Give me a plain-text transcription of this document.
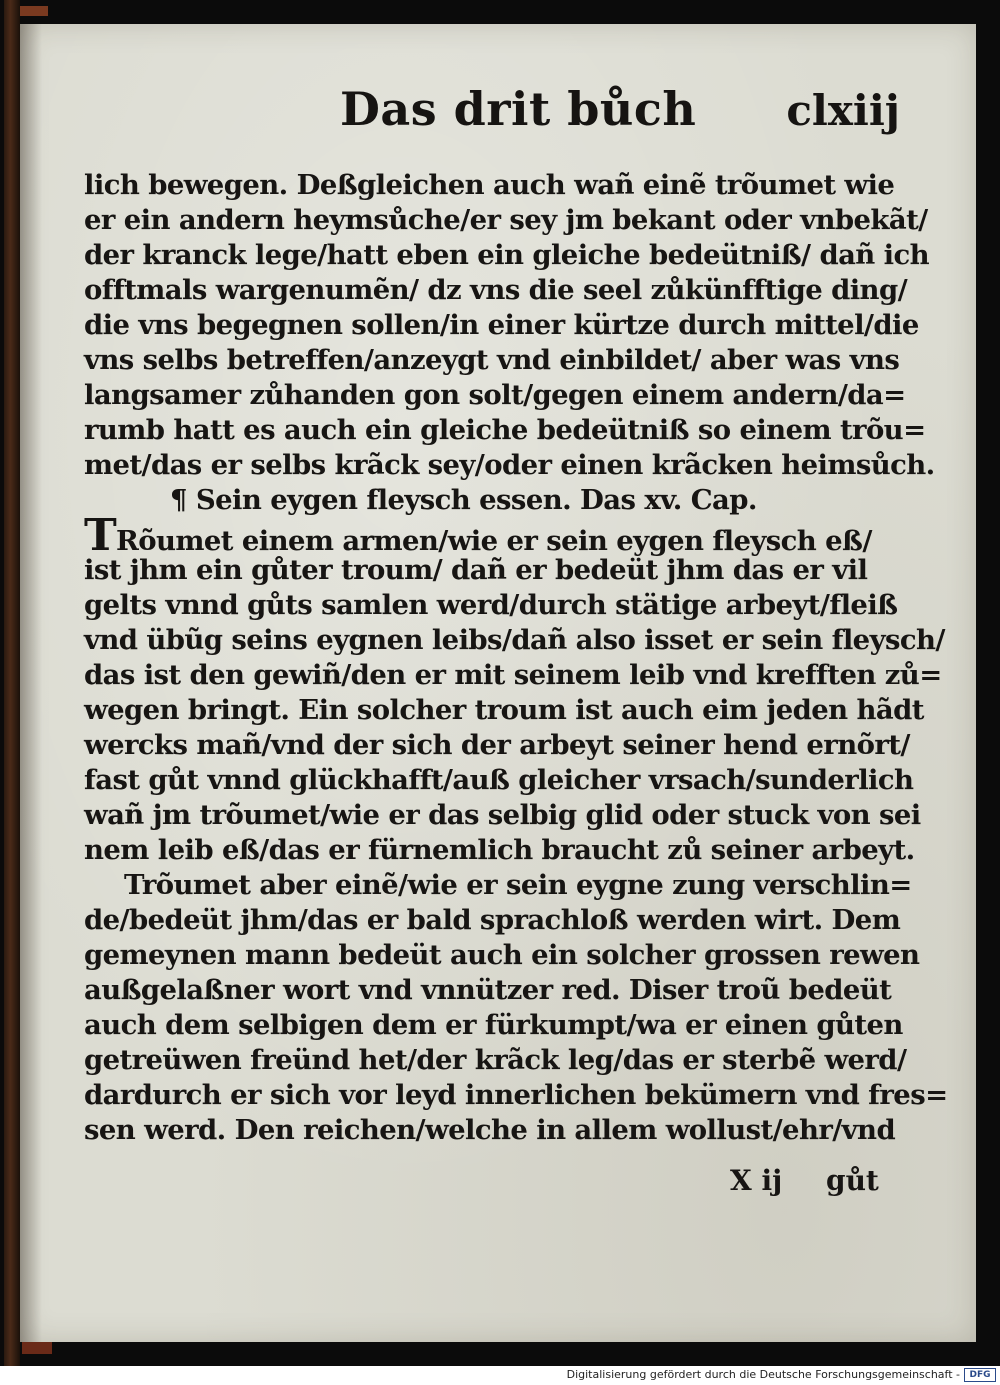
Das drit bůch clxiij
lich bewegen. Deßgleichen auch wañ einẽ trõumet wie
er ein andern heymsůche/er sey jm bekant oder vnbekãt/
der kranck lege/hatt eben ein gleiche bedeütniß/ dañ ich
offtmals wargenumẽn/ dz vns die seel zůkünfftige ding/
die vns begegnen sollen/in einer kürtze durch mittel/die
vns selbs betreffen/anzeygt vnd einbildet/ aber was vns
langsamer zůhanden gon solt/gegen einem andern/da=
rumb hatt es auch ein gleiche bedeütniß so einem trõu=
met/das er selbs krãck sey/oder einen krãcken heimsůch.
¶ Sein eygen fleysch essen. Das xv. Cap.
TRõumet einem armen/wie er sein eygen fleysch eß/
ist jhm ein gůter troum/ dañ er bedeüt jhm das er vil
gelts vnnd gůts samlen werd/durch stätige arbeyt/fleiß
vnd übũg seins eygnen leibs/dañ also isset er sein fleysch/
das ist den gewiñ/den er mit seinem leib vnd krefften zů=
wegen bringt. Ein solcher troum ist auch eim jeden hãdt
wercks mañ/vnd der sich der arbeyt seiner hend ernõrt/
fast gůt vnnd glückhafft/auß gleicher vrsach/sunderlich
wañ jm trõumet/wie er das selbig glid oder stuck von sei
nem leib eß/das er fürnemlich braucht zů seiner arbeyt.
Trõumet aber einẽ/wie er sein eygne zung verschlin=
de/bedeüt jhm/das er bald sprachloß werden wirt. Dem
gemeynen mann bedeüt auch ein solcher grossen rewen
außgelaßner wort vnd vnnützer red. Diser troũ bedeüt
auch dem selbigen dem er fürkumpt/wa er einen gůten
getreüwen freünd het/der krãck leg/das er sterbẽ werd/
dardurch er sich vor leyd innerlichen bekümern vnd fres=
sen werd. Den reichen/welche in allem wollust/ehr/vnd
X ij gůt
Digitalisierung gefördert durch die Deutsche Forschungsgemeinschaft -	DFG
